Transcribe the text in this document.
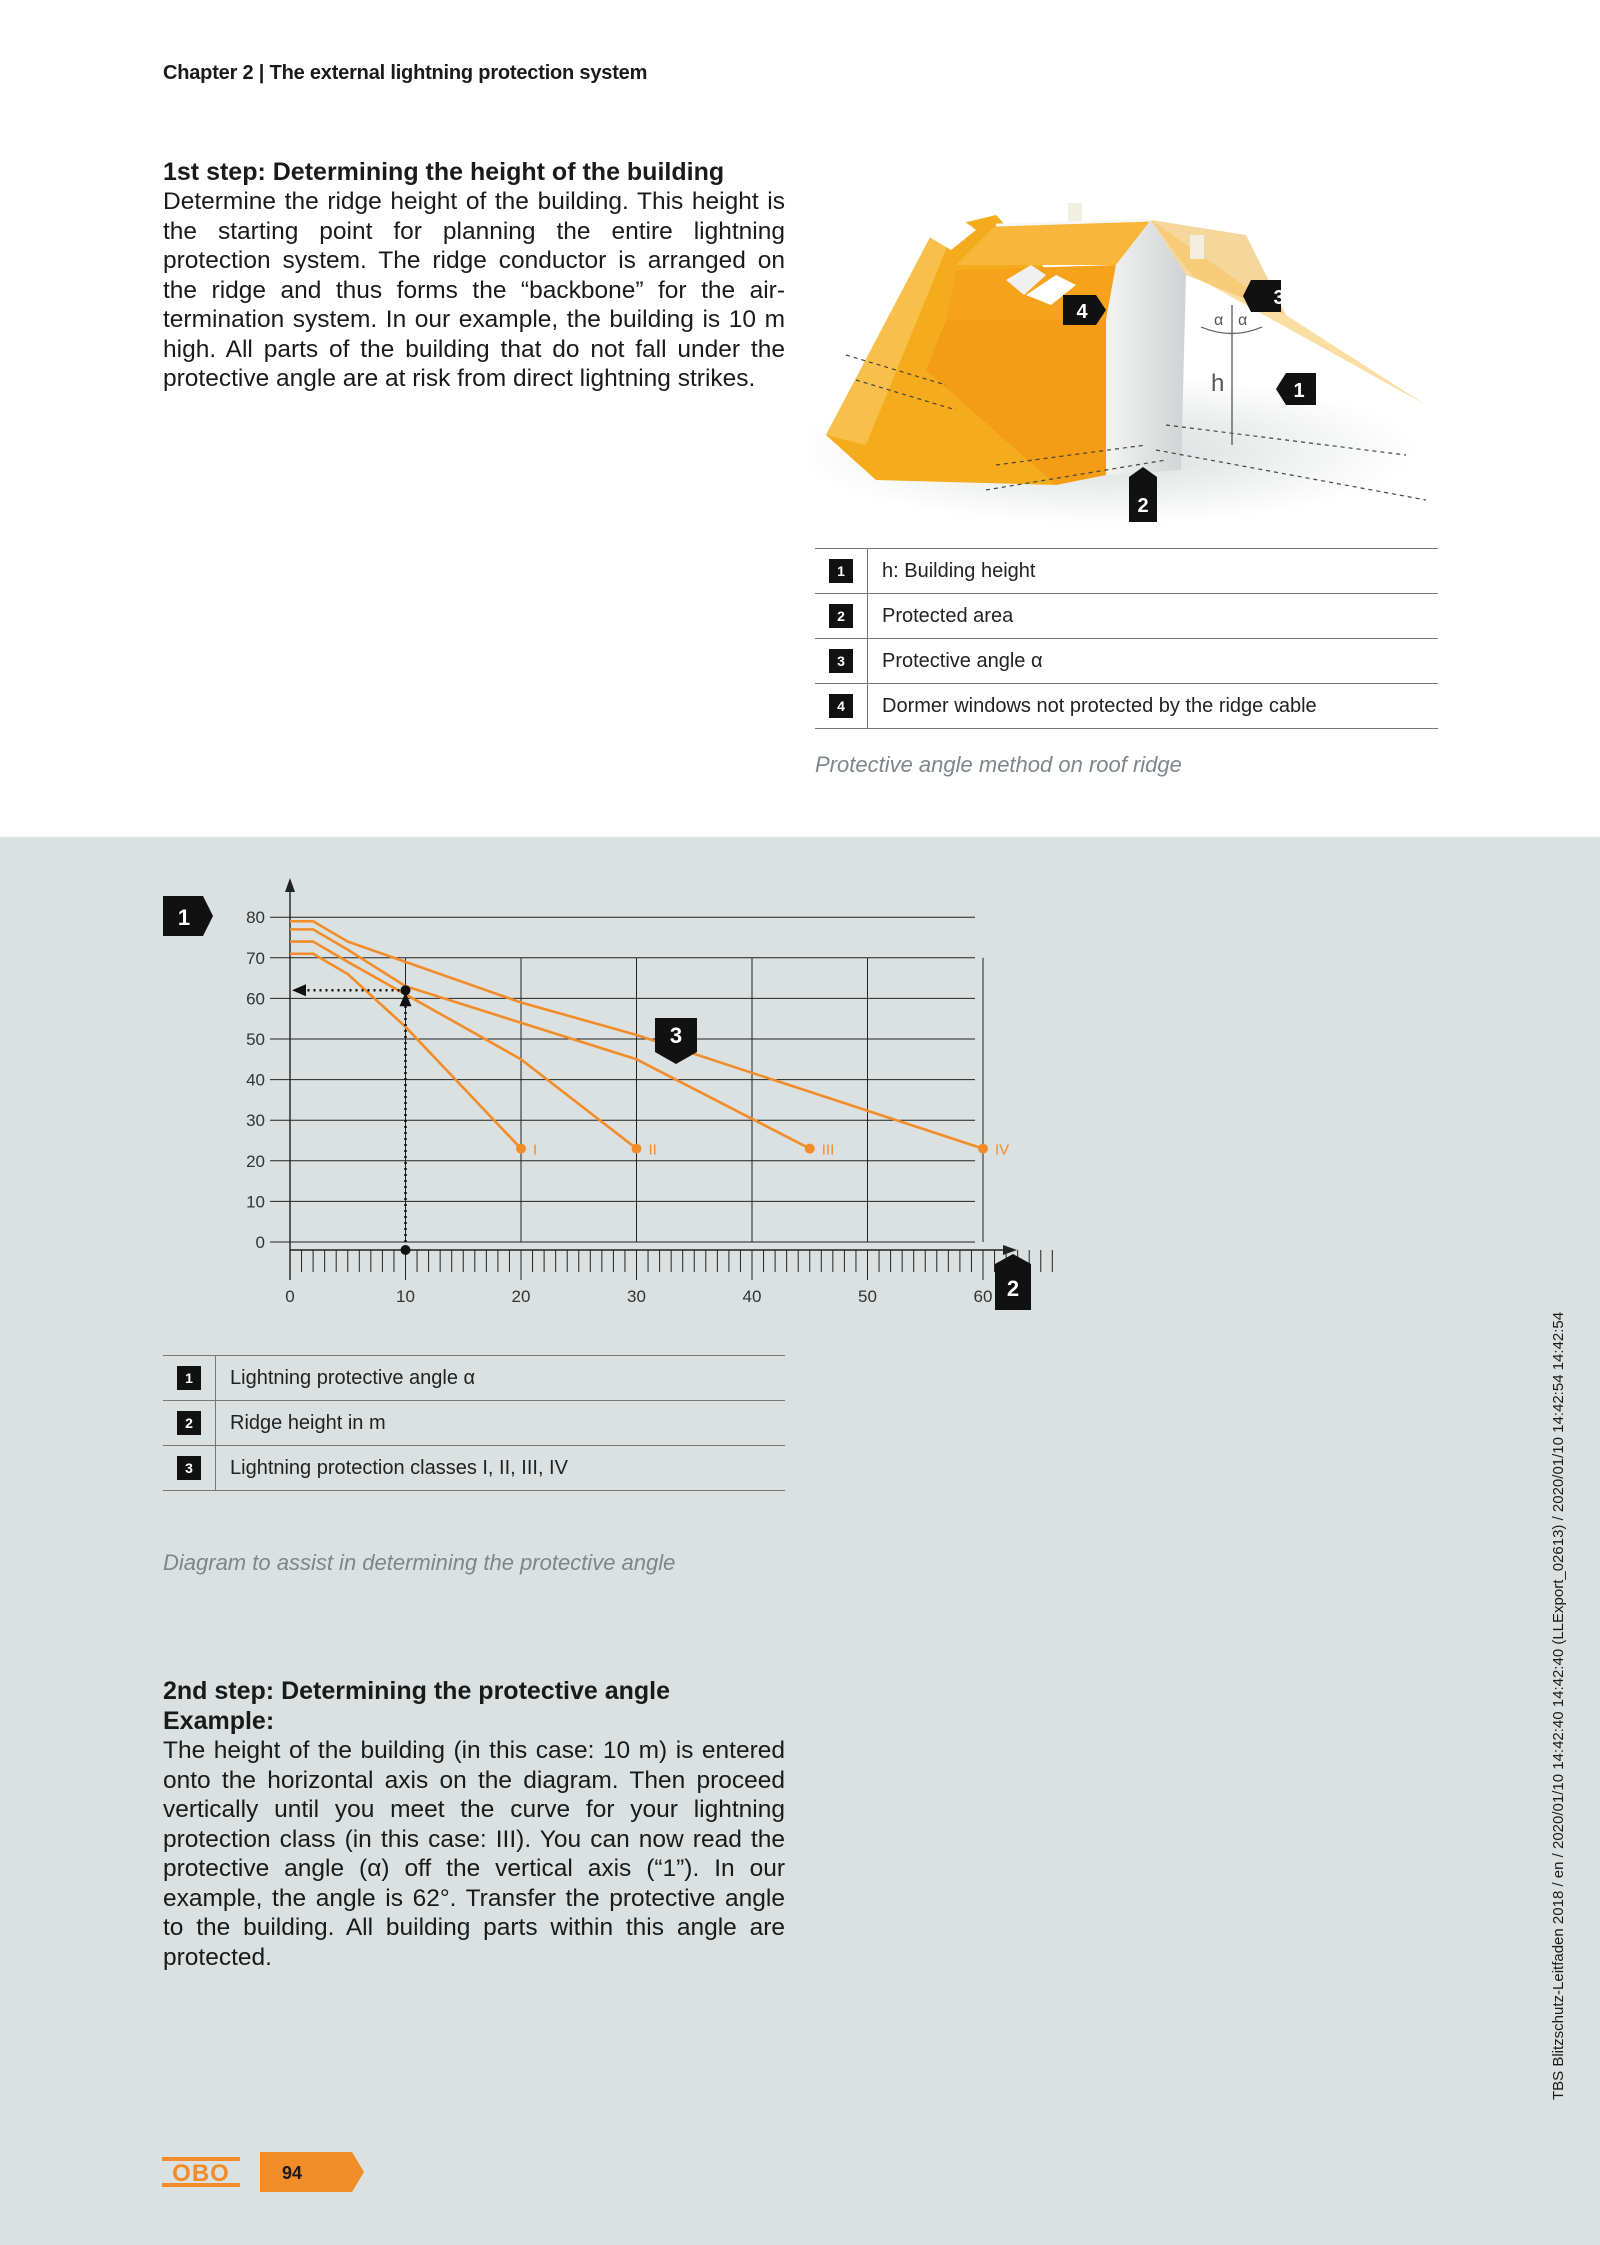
Chapter 2 | The external lightning protection system
1st step: Determining the height of the building

Determine the ridge height of the building. This height is the starting point for planning the entire lightning protection system. The ridge conductor is arranged on the ridge and thus forms the “backbone” for the air-termination system. In our example, the building is 10 m high. All parts of the building that do not fall under the protective angle are at risk from direct lightning strikes.	h
α α
4
3
1
2
1	h: Building height
2	Protected area
3	Protective angle α
4	Dormer windows not protected by the ridge cable
Protective angle method on roof ridge
0
10
20
30
40
50
60
70
80
0	10	20	30	40	50	60
I	II	III	IV
1
2
3
1	Lightning protective angle α
2	Ridge height in m
3	Lightning protection classes I, II, III, IV
Diagram to assist in determining the protective angle
2nd step: Determining the protective angle
Example:

The height of the building (in this case: 10 m) is entered onto the horizontal axis on the diagram. Then proceed vertically until you meet the curve for your lightning protection class (in this case: III). You can now read the protective angle (α) off the vertical axis (“1”). In our example, the angle is 62°. Transfer the protective angle to the building. All building parts within this angle are protected.	TBS Blitzschutz-Leitfaden 2018 / en / 2020/01/10 14:42:40 14:42:40 (LLExport_02613) / 2020/01/10 14:42:54 14:42:54
OBO	94
